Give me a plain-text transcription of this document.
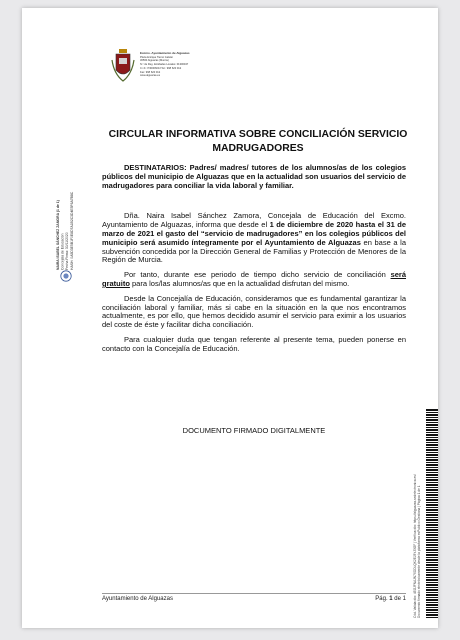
Excmo. Ayuntamiento de Alguazas
Plaza Enrique Tierno Galván
30560 Alguazas (Murcia)
N.º de Reg. Entidades Locales: 01300047
C.I.F.: P3000600J Tel.: 968 620 012
Fax: 968 620 012
www.alguazas.es
NAIRA ISABEL SÁNCHEZ ZAMORA (1 de 1) Concejala de Educación Fecha Firma: 30/11/2020 HASH: 0A5D3E5B1F0E8D7A1B2C3D4E5F6A7B8C
CIRCULAR INFORMATIVA SOBRE CONCILIACIÓN SERVICIO
MADRUGADORES

DESTINATARIOS: Padres/ madres/ tutores de los alumnos/as de los colegios públicos del municipio de Alguazas que en la actualidad son usuarios del servicio de madrugadores para conciliar la vida laboral y familiar.

Dña. Naira Isabel Sánchez Zamora, Concejala de Educación del Excmo. Ayuntamiento de Alguazas, informa que desde el 1 de diciembre de 2020 hasta el 31 de marzo de 2021 el gasto del “servicio de madrugadores” en los colegios públicos del municipio será asumido íntegramente por el Ayuntamiento de Alguazas en base a la subvención concedida por la Dirección General de Familias y Protección de Menores de la Región de Murcia.

Por tanto, durante ese periodo de tiempo dicho servicio de conciliación será gratuito para los/las alumnos/as que en la actualidad disfrutan del mismo.

Desde la Concejalía de Educación, consideramos que es fundamental garantizar la conciliación laboral y familiar, más si cabe en la situación en la que nos encontramos actualmente, es por ello, que hemos decidido asumir el servicio para eximir a los usuarios del coste de éste y facilitar dicha conciliación.

Para cualquier duda que tengan referente al presente tema, pueden ponerse en contacto con la Concejalía de Educación.

DOCUMENTO FIRMADO DIGITALMENTE
Ayuntamiento de Alguazas	Pág. 1 de 1 Cód. Validación: 4EGJFNAJN7XDDLQK2EJ3YJ3GF | Verificación: https://alguazas.sedelectronica.es/ Documento firmado electrónicamente desde la plataforma esPublico Gestiona | Página 1 de 1
